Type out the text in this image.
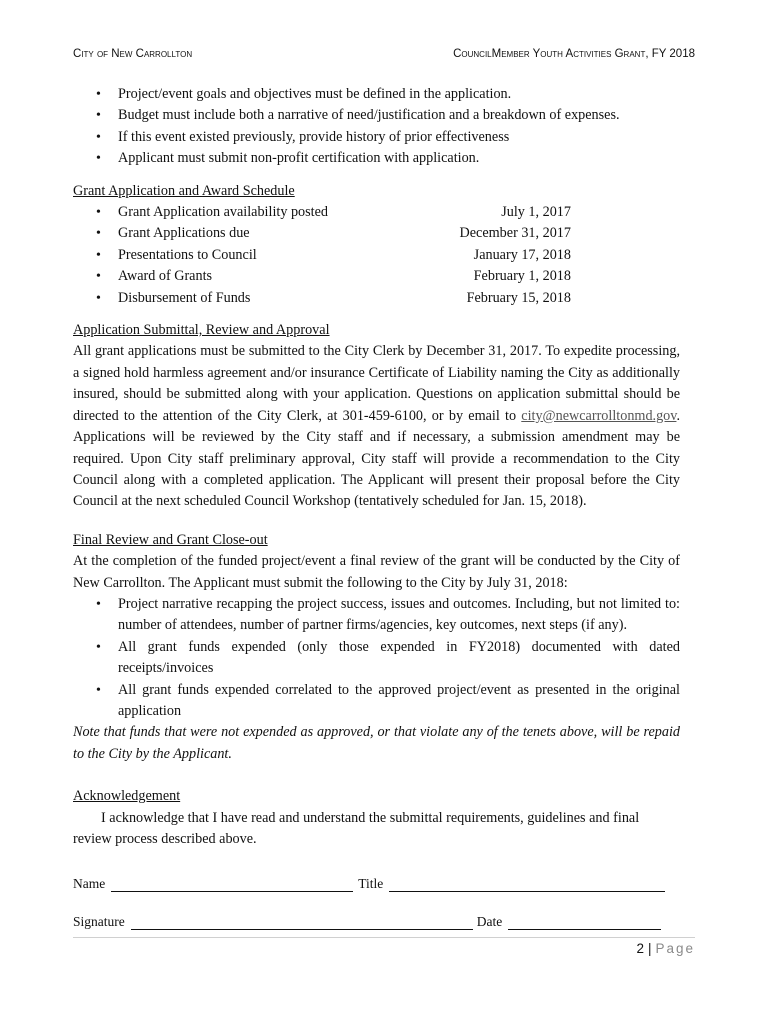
City of New Carrollton	CouncilMember Youth Activities Grant, FY 2018
• Project/event goals and objectives must be defined in the application.
• Budget must include both a narrative of need/justification and a breakdown of expenses.
• If this event existed previously, provide history of prior effectiveness
• Applicant must submit non-profit certification with application.
Grant Application and Award Schedule
• Grant Application availability posted	July 1, 2017
• Grant Applications due	December 31, 2017
• Presentations to Council	January 17, 2018
• Award of Grants	February 1, 2018
• Disbursement of Funds	February 15, 2018
Application Submittal, Review and Approval

All grant applications must be submitted to the City Clerk by December 31, 2017. To expedite processing, a signed hold harmless agreement and/or insurance Certificate of Liability naming the City as additionally insured, should be submitted along with your application. Questions on application submittal should be directed to the attention of the City Clerk, at 301-459-6100, or by email to city@newcarrolltonmd.gov. Applications will be reviewed by the City staff and if necessary, a submission amendment may be required. Upon City staff preliminary approval, City staff will provide a recommendation to the City Council along with a completed application. The Applicant will present their proposal before the City Council at the next scheduled Council Workshop (tentatively scheduled for Jan. 15, 2018).

Final Review and Grant Close-out

At the completion of the funded project/event a final review of the grant will be conducted by the City of New Carrollton. The Applicant must submit the following to the City by July 31, 2018:

• Project narrative recapping the project success, issues and outcomes. Including, but not limited to: number of attendees, number of partner firms/agencies, key outcomes, next steps (if any).
• All grant funds expended (only those expended in FY2018) documented with dated receipts/invoices
• All grant funds expended correlated to the approved project/event as presented in the original application

Note that funds that were not expended as approved, or that violate any of the tenets above, will be repaid to the City by the Applicant.

Acknowledgement

I acknowledge that I have read and understand the submittal requirements, guidelines and final review process described above.

Name	Title
Signature	Date
2 | Page
